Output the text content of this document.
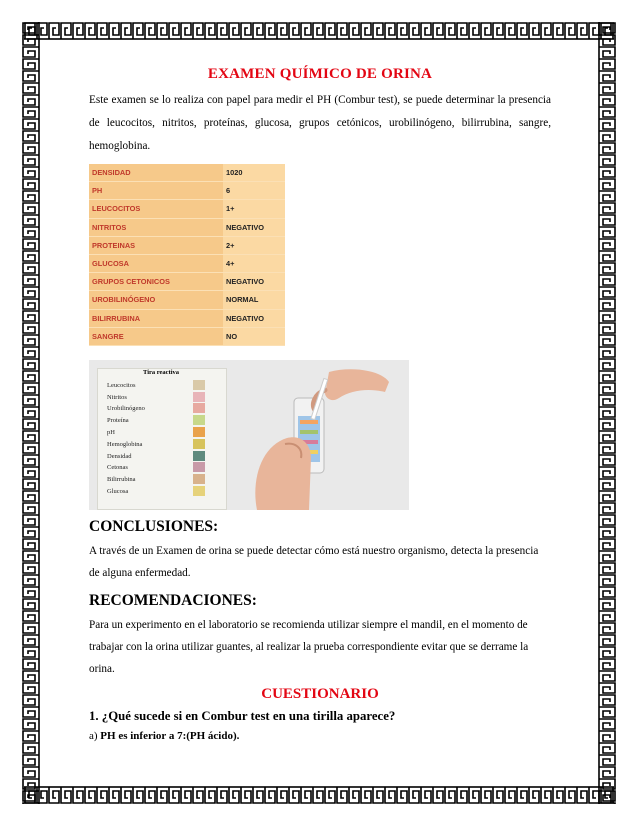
EXAMEN QUÍMICO DE ORINA

Este examen se lo realiza con papel para medir el PH (Combur test), se puede determinar la presencia de leucocitos, nitritos, proteínas, glucosa, grupos cetónicos, urobilinógeno, bilirrubina, sangre, hemoglobina.

DENSIDAD	1020
PH	6
LEUCOCITOS	1+
NITRITOS	NEGATIVO
PROTEINAS	2+
GLUCOSA	4+
GRUPOS CETONICOS	NEGATIVO
UROBILINÓGENO	NORMAL
BILIRRUBINA	NEGATIVO
SANGRE	NO
Tira reactiva
Leucocitos
Nitritos
Urobilinógeno
Proteína
pH
Hemoglobina
Densidad
Cetonas
Bilirrubina
Glucosa
CONCLUSIONES:

A través de un Examen de orina se puede detectar cómo está nuestro organismo, detecta la presencia de alguna enfermedad.

RECOMENDACIONES:

Para un experimento en el laboratorio se recomienda utilizar siempre el mandil, en el momento de trabajar con la orina utilizar guantes, al realizar la prueba correspondiente evitar que se derrame la orina.

CUESTIONARIO

1. ¿Qué sucede si en Combur test en una tirilla aparece?

a) PH es inferior a 7:(PH ácido).
